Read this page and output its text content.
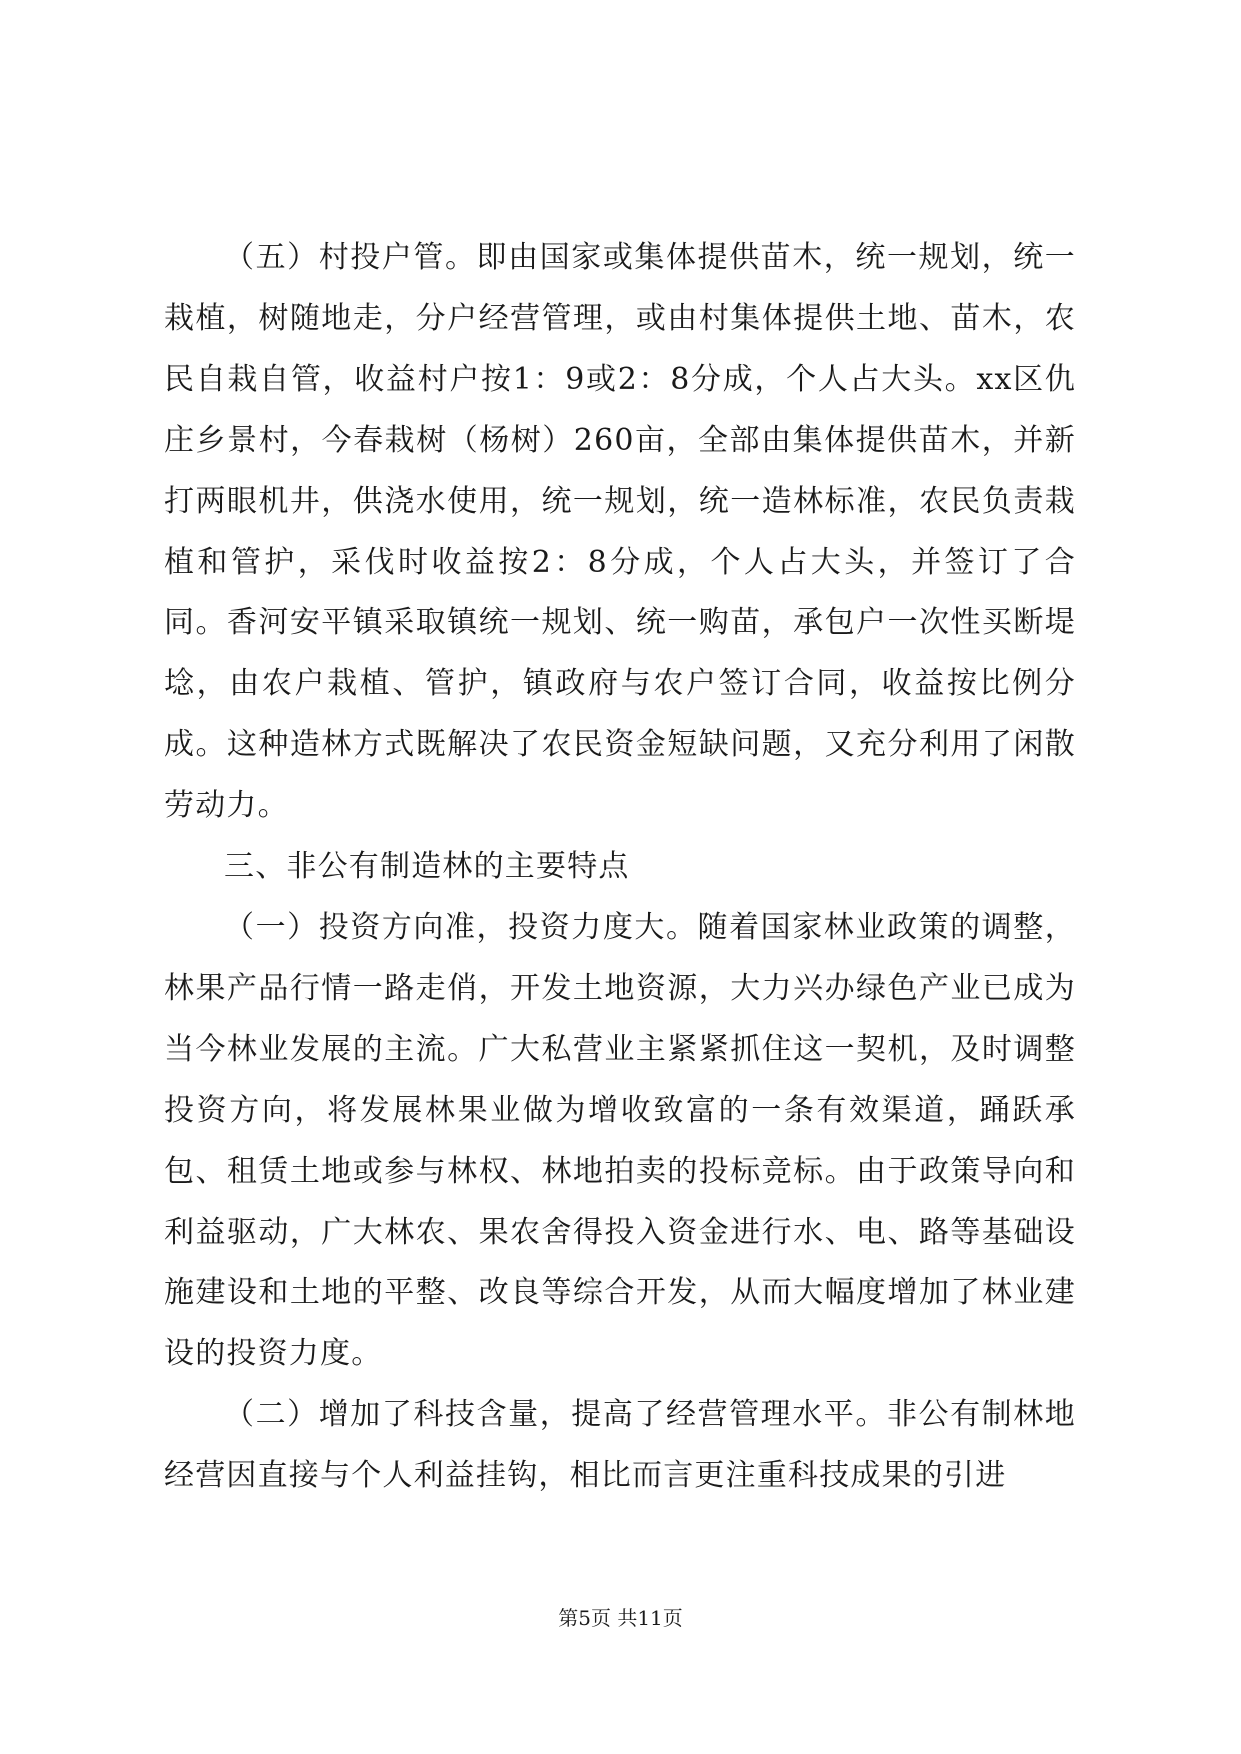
（五）村投户管。即由国家或集体提供苗木，统一规划，统一栽植，树随地走，分户经营管理，或由村集体提供土地、苗木，农民自栽自管，收益村户按1：9或2：8分成，个人占大头。xx区仇庄乡景村，今春栽树（杨树）260亩，全部由集体提供苗木，并新打两眼机井，供浇水使用，统一规划，统一造林标准，农民负责栽植和管护，采伐时收益按2：8分成，个人占大头，并签订了合同。香河安平镇采取镇统一规划、统一购苗，承包户一次性买断堤埝，由农户栽植、管护，镇政府与农户签订合同，收益按比例分成。这种造林方式既解决了农民资金短缺问题，又充分利用了闲散劳动力。

三、非公有制造林的主要特点

（一）投资方向准，投资力度大。随着国家林业政策的调整，林果产品行情一路走俏，开发土地资源，大力兴办绿色产业已成为当今林业发展的主流。广大私营业主紧紧抓住这一契机，及时调整投资方向，将发展林果业做为增收致富的一条有效渠道，踊跃承包、租赁土地或参与林权、林地拍卖的投标竞标。由于政策导向和利益驱动，广大林农、果农舍得投入资金进行水、电、路等基础设施建设和土地的平整、改良等综合开发，从而大幅度增加了林业建设的投资力度。

（二）增加了科技含量，提高了经营管理水平。非公有制林地经营因直接与个人利益挂钩，相比而言更注重科技成果的引进

第5页 共11页
